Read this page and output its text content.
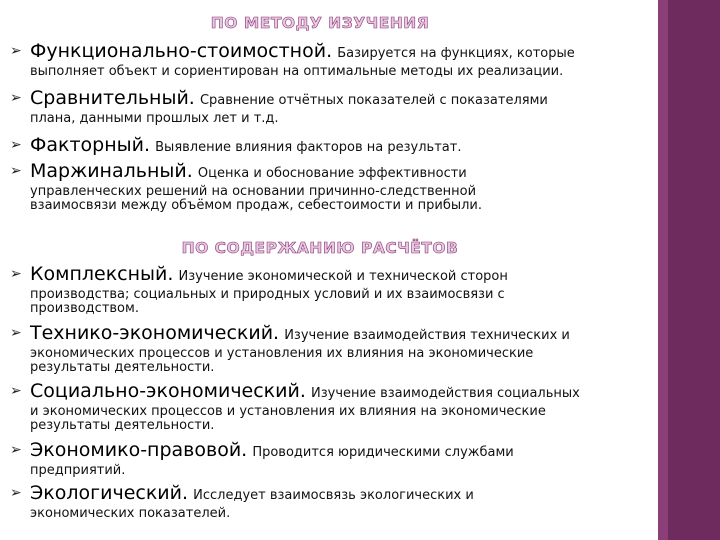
ПО МЕТОДУ ИЗУЧЕНИЯ
➢ Функционально-стоимостной. Базируется на функциях, которые
выполняет объект и сориентирован на оптимальные методы их реализации.
➢ Сравнительный. Сравнение отчётных показателей с показателями
плана, данными прошлых лет и т.д.
➢ Факторный. Выявление влияния факторов на результат.
➢ Маржинальный. Оценка и обоснование эффективности
управленческих решений на основании причинно-следственной
взаимосвязи между объёмом продаж, себестоимости и прибыли.
ПО СОДЕРЖАНИЮ РАСЧЁТОВ
➢ Комплексный. Изучение экономической и технической сторон
производства; социальных и природных условий и их взаимосвязи с
производством.
➢ Технико-экономический. Изучение взаимодействия технических и
экономических процессов и установления их влияния на экономические
результаты деятельности.
➢ Социально-экономический. Изучение взаимодействия социальных
и экономических процессов и установления их влияния на экономические
результаты деятельности.
➢ Экономико-правовой. Проводится юридическими службами
предприятий.
➢ Экологический. Исследует взаимосвязь экологических и
экономических показателей.
